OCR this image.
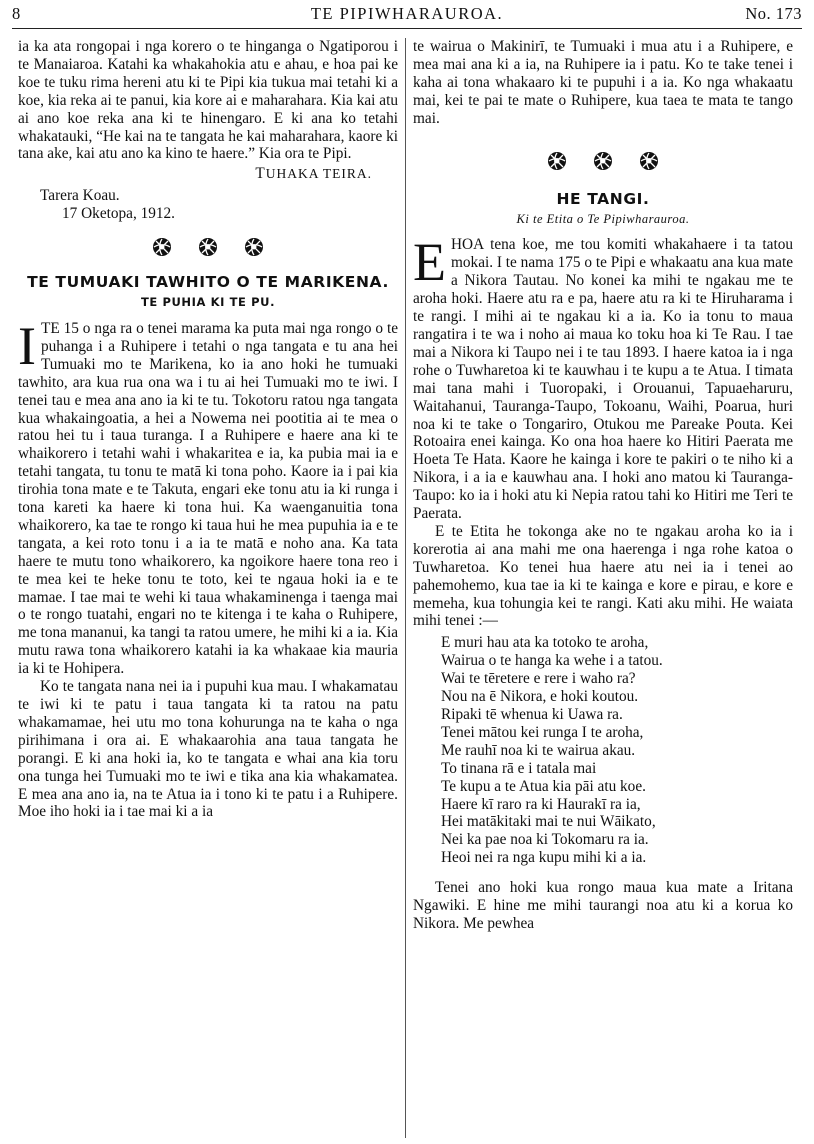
8	TE PIPIWHARAUROA.	No. 173

ia ka ata rongopai i nga korero o te hinganga o Ngatiporou i te Manaiaroa. Katahi ka whakahokia atu e ahau, e hoa pai ke koe te tuku rima hereni atu ki te Pipi kia tukua mai tetahi ki a koe, kia reka ai te panui, kia kore ai e maharahara. Kia kai atu ai ano koe reka ana ki te hinengaro. E ki ana ko tetahi whakatauki, “He kai na te tangata he kai maharahara, kaore ki tana ake, kai atu ano ka kino te haere.” Kia ora te Pipi.

TUHAKA TEIRA.
Tarera Koau.
17 Oketopa, 1912.

TE TUMUAKI TAWHITO O TE MARIKENA.
TE PUHIA KI TE PU.

ITE 15 o nga ra o tenei marama ka puta mai nga rongo o te puhanga i a Ruhipere i tetahi o nga tangata e tu ana hei Tumuaki mo te Marikena, ko ia ano hoki he tumuaki tawhito, ara kua rua ona wa i tu ai hei Tumuaki mo te iwi. I tenei tau e mea ana ano ia ki te tu. Tokotoru ratou nga tangata kua whakaingoatia, a hei a Nowema nei pootitia ai te mea o ratou hei tu i taua turanga. I a Ruhipere e haere ana ki te whaikorero i tetahi wahi i whakaritea e ia, ka pubia mai ia e tetahi tangata, tu tonu te matā ki tona poho. Kaore ia i pai kia tirohia tona mate e te Takuta, engari eke tonu atu ia ki runga i tona kareti ka haere ki tona hui. Ka waenganuitia tona whaikorero, ka tae te rongo ki taua hui he mea pupuhia ia e te tangata, a kei roto tonu i a ia te matā e noho ana. Ka tata haere te mutu tono whaikorero, ka ngoikore haere tona reo i te mea kei te heke tonu te toto, kei te ngaua hoki ia e te mamae. I tae mai te wehi ki taua whakaminenga i taenga mai o te rongo tuatahi, engari no te kitenga i te kaha o Ruhipere, me tona mananui, ka tangi ta ratou umere, he mihi ki a ia. Kia mutu rawa tona whaikorero katahi ia ka whakaae kia mauria ia ki te Hohipera.

Ko te tangata nana nei ia i pupuhi kua mau. I whakamatau te iwi ki te patu i taua tangata ki ta ratou na patu whakamamae, hei utu mo tona kohurunga na te kaha o nga pirihimana i ora ai. E whakaarohia ana taua tangata he porangi. E ki ana hoki ia, ko te tangata e whai ana kia toru ona tunga hei Tumuaki mo te iwi e tika ana kia whakamatea. E mea ana ano ia, na te Atua ia i tono ki te patu i a Ruhipere. Moe iho hoki ia i tae mai ki a ia

te wairua o Makinirī, te Tumuaki i mua atu i a Ruhipere, e mea mai ana ki a ia, na Ruhipere ia i patu. Ko te take tenei i kaha ai tona whakaaro ki te pupuhi i a ia. Ko nga whakaatu mai, kei te pai te mate o Ruhipere, kua taea te mata te tango mai.

HE TANGI.
Ki te Etita o Te Pipiwharauroa.

EHOA tena koe, me tou komiti whakahaere i ta tatou mokai. I te nama 175 o te Pipi e whakaatu ana kua mate a Nikora Tautau. No konei ka mihi te ngakau me te aroha hoki. Haere atu ra e pa, haere atu ra ki te Hiruharama i te rangi. I mihi ai te ngakau ki a ia. Ko ia tonu to maua rangatira i te wa i noho ai maua ko toku hoa ki Te Rau. I tae mai a Nikora ki Taupo nei i te tau 1893. I haere katoa ia i nga rohe o Tuwharetoa ki te kauwhau i te kupu a te Atua. I timata mai tana mahi i Tuoropaki, i Orouanui, Tapuaeharuru, Waitahanui, Tauranga-Taupo, Tokoanu, Waihi, Poarua, huri noa ki te take o Tongariro, Otukou me Pareake Pouta. Kei Rotoaira enei kainga. Ko ona hoa haere ko Hitiri Paerata me Hoeta Te Hata. Kaore he kainga i kore te pakiri o te niho ki a Nikora, i a ia e kauwhau ana. I hoki ano matou ki Tauranga-Taupo: ko ia i hoki atu ki Nepia ratou tahi ko Hitiri me Teri te Paerata.

E te Etita he tokonga ake no te ngakau aroha ko ia i korerotia ai ana mahi me ona haerenga i nga rohe katoa o Tuwharetoa. Ko tenei hua haere atu nei ia i tenei ao pahemohemo, kua tae ia ki te kainga e kore e pirau, e kore e memeha, kua tohungia kei te rangi. Kati aku mihi. He waiata mihi tenei :—

E muri hau ata ka totoko te aroha,
Wairua o te hanga ka wehe i a tatou.
Wai te tēretere e rere i waho ra?
Nou na ē Nikora, e hoki koutou.
Ripaki tē whenua ki Uawa ra.
Tenei mātou kei runga I te aroha,
Me rauhī noa ki te wairua akau.
To tinana rā e i tatala mai
Te kupu a te Atua kia pāi atu koe.
Haere kī raro ra ki Haurakī ra ia,
Hei matākitaki mai te nui Wāikato,
Nei ka pae noa ki Tokomaru ra ia.
Heoi nei ra nga kupu mihi ki a ia.

Tenei ano hoki kua rongo maua kua mate a Iritana Ngawiki. E hine me mihi taurangi noa atu ki a korua ko Nikora. Me pewhea
